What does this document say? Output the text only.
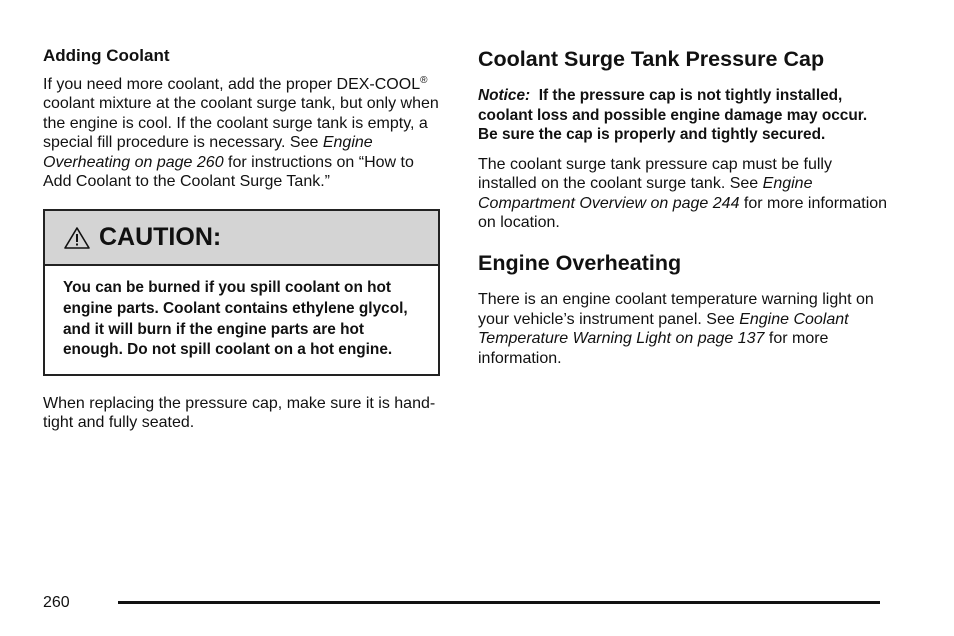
Adding Coolant

If you need more coolant, add the proper DEX-COOL® coolant mixture at the coolant surge tank, but only when the engine is cool. If the coolant surge tank is empty, a special fill procedure is necessary. See Engine Overheating on page 260 for instructions on “How to Add Coolant to the Coolant Surge Tank.”

CAUTION:

You can be burned if you spill coolant on hot engine parts. Coolant contains ethylene glycol, and it will burn if the engine parts are hot enough. Do not spill coolant on a hot engine.

When replacing the pressure cap, make sure it is hand-tight and fully seated.

Coolant Surge Tank Pressure Cap

Notice: If the pressure cap is not tightly installed, coolant loss and possible engine damage may occur. Be sure the cap is properly and tightly secured.

The coolant surge tank pressure cap must be fully installed on the coolant surge tank. See Engine Compartment Overview on page 244 for more information on location.

Engine Overheating

There is an engine coolant temperature warning light on your vehicle’s instrument panel. See Engine Coolant Temperature Warning Light on page 137 for more information.

260
